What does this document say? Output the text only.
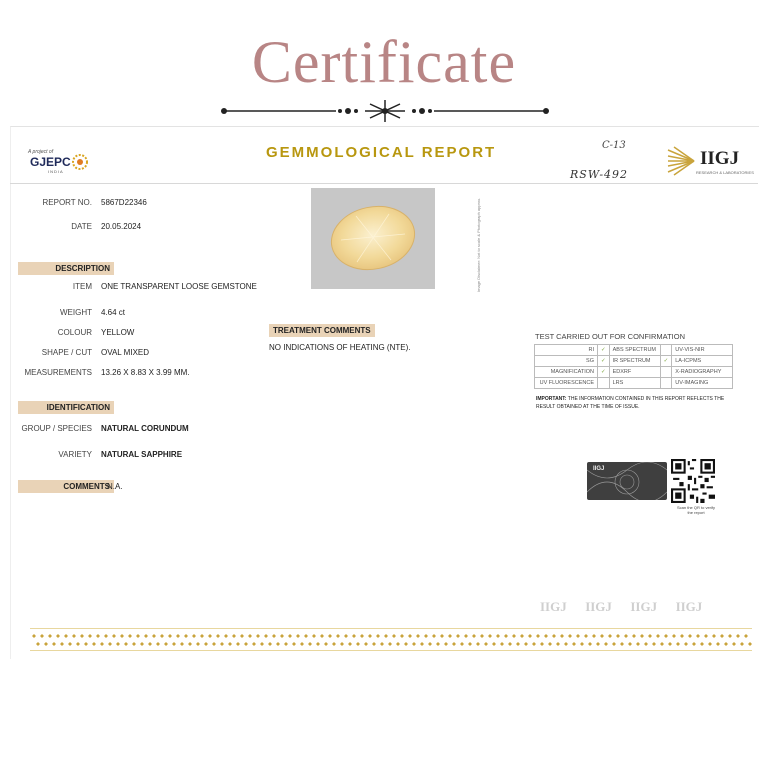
Certificate
A project of
GJEPC
INDIA
GEMMOLOGICAL REPORT	C-13
RSW-492
IIGJ
RESEARCH & LABORATORIES
REPORT NO. 5867D22346
DATE 20.05.2024
DESCRIPTION
ITEM ONE TRANSPARENT LOOSE GEMSTONE
WEIGHT 4.64 ct
COLOUR YELLOW
SHAPE / CUT OVAL MIXED
MEASUREMENTS 13.26 X 8.83 X 3.99 MM.
IDENTIFICATION
GROUP / SPECIES NATURAL CORUNDUM
VARIETY NATURAL SAPPHIRE
COMMENTS
N.A.
Image Disclaimer: Not to scale & Photograph approx.
TREATMENT COMMENTS
NO INDICATIONS OF HEATING (NTE).
TEST CARRIED OUT FOR CONFIRMATION
RI	✓	ABS SPECTRUM		UV-VIS-NIR
SG	✓	IR SPECTRUM	✓	LA-ICPMS
MAGNIFICATION	✓	EDXRF		X-RADIOGRAPHY
UV FLUORESCENCE		LRS		UV-IMAGING
IMPORTANT: THE INFORMATION CONTAINED IN THIS REPORT REFLECTS THE RESULT OBTAINED AT THE TIME OF ISSUE.
IIGJ
Scan the QR to verify the report
IIGJ IIGJ IIGJ IIGJ
